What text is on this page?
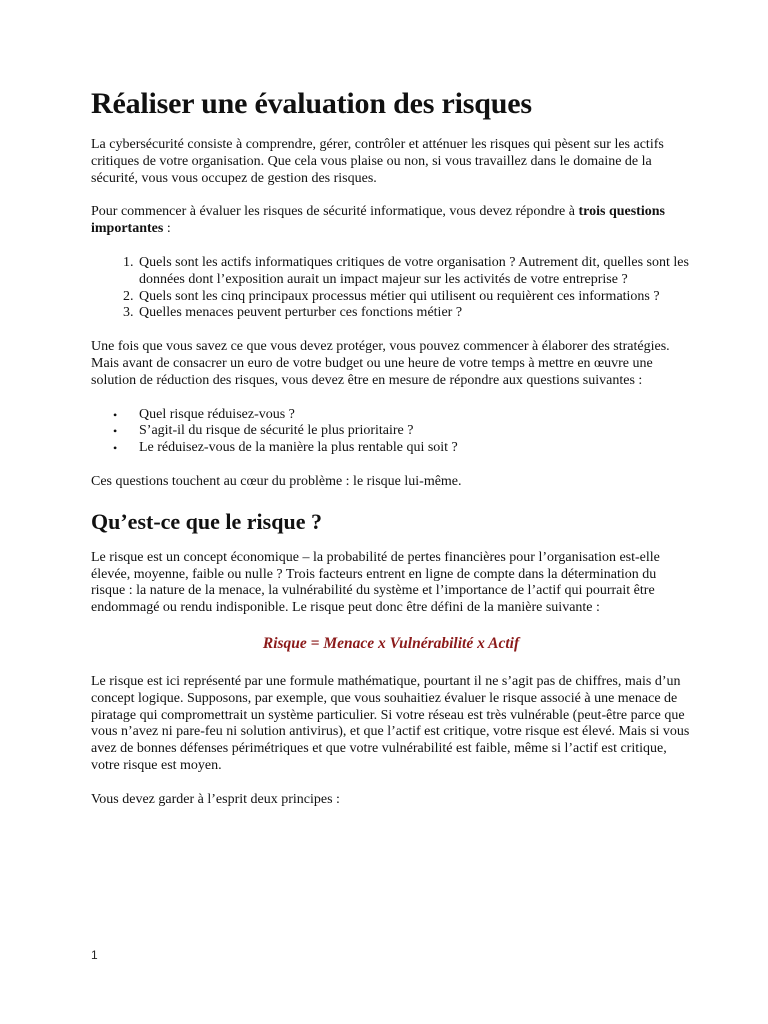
Réaliser une évaluation des risques

La cybersécurité consiste à comprendre, gérer, contrôler et atténuer les risques qui pèsent sur les actifs critiques de votre organisation. Que cela vous plaise ou non, si vous travaillez dans le domaine de la sécurité, vous vous occupez de gestion des risques.

Pour commencer à évaluer les risques de sécurité informatique, vous devez répondre à trois questions importantes :

1. Quels sont les actifs informatiques critiques de votre organisation ? Autrement dit, quelles sont les données dont l’exposition aurait un impact majeur sur les activités de votre entreprise ?
2. Quels sont les cinq principaux processus métier qui utilisent ou requièrent ces informations ?
3. Quelles menaces peuvent perturber ces fonctions métier ?

Une fois que vous savez ce que vous devez protéger, vous pouvez commencer à élaborer des stratégies. Mais avant de consacrer un euro de votre budget ou une heure de votre temps à mettre en œuvre une solution de réduction des risques, vous devez être en mesure de répondre aux questions suivantes :

• Quel risque réduisez-vous ?
• S’agit-il du risque de sécurité le plus prioritaire ?
• Le réduisez-vous de la manière la plus rentable qui soit ?

Ces questions touchent au cœur du problème : le risque lui-même.

Qu’est-ce que le risque ?

Le risque est un concept économique – la probabilité de pertes financières pour l’organisation est-elle élevée, moyenne, faible ou nulle ? Trois facteurs entrent en ligne de compte dans la détermination du risque : la nature de la menace, la vulnérabilité du système et l’importance de l’actif qui pourrait être endommagé ou rendu indisponible. Le risque peut donc être défini de la manière suivante :

Risque = Menace x Vulnérabilité x Actif

Le risque est ici représenté par une formule mathématique, pourtant il ne s’agit pas de chiffres, mais d’un concept logique. Supposons, par exemple, que vous souhaitiez évaluer le risque associé à une menace de piratage qui compromettrait un système particulier. Si votre réseau est très vulnérable (peut-être parce que vous n’avez ni pare-feu ni solution antivirus), et que l’actif est critique, votre risque est élevé. Mais si vous avez de bonnes défenses périmétriques et que votre vulnérabilité est faible, même si l’actif est critique, votre risque est moyen.

Vous devez garder à l’esprit deux principes :

1
